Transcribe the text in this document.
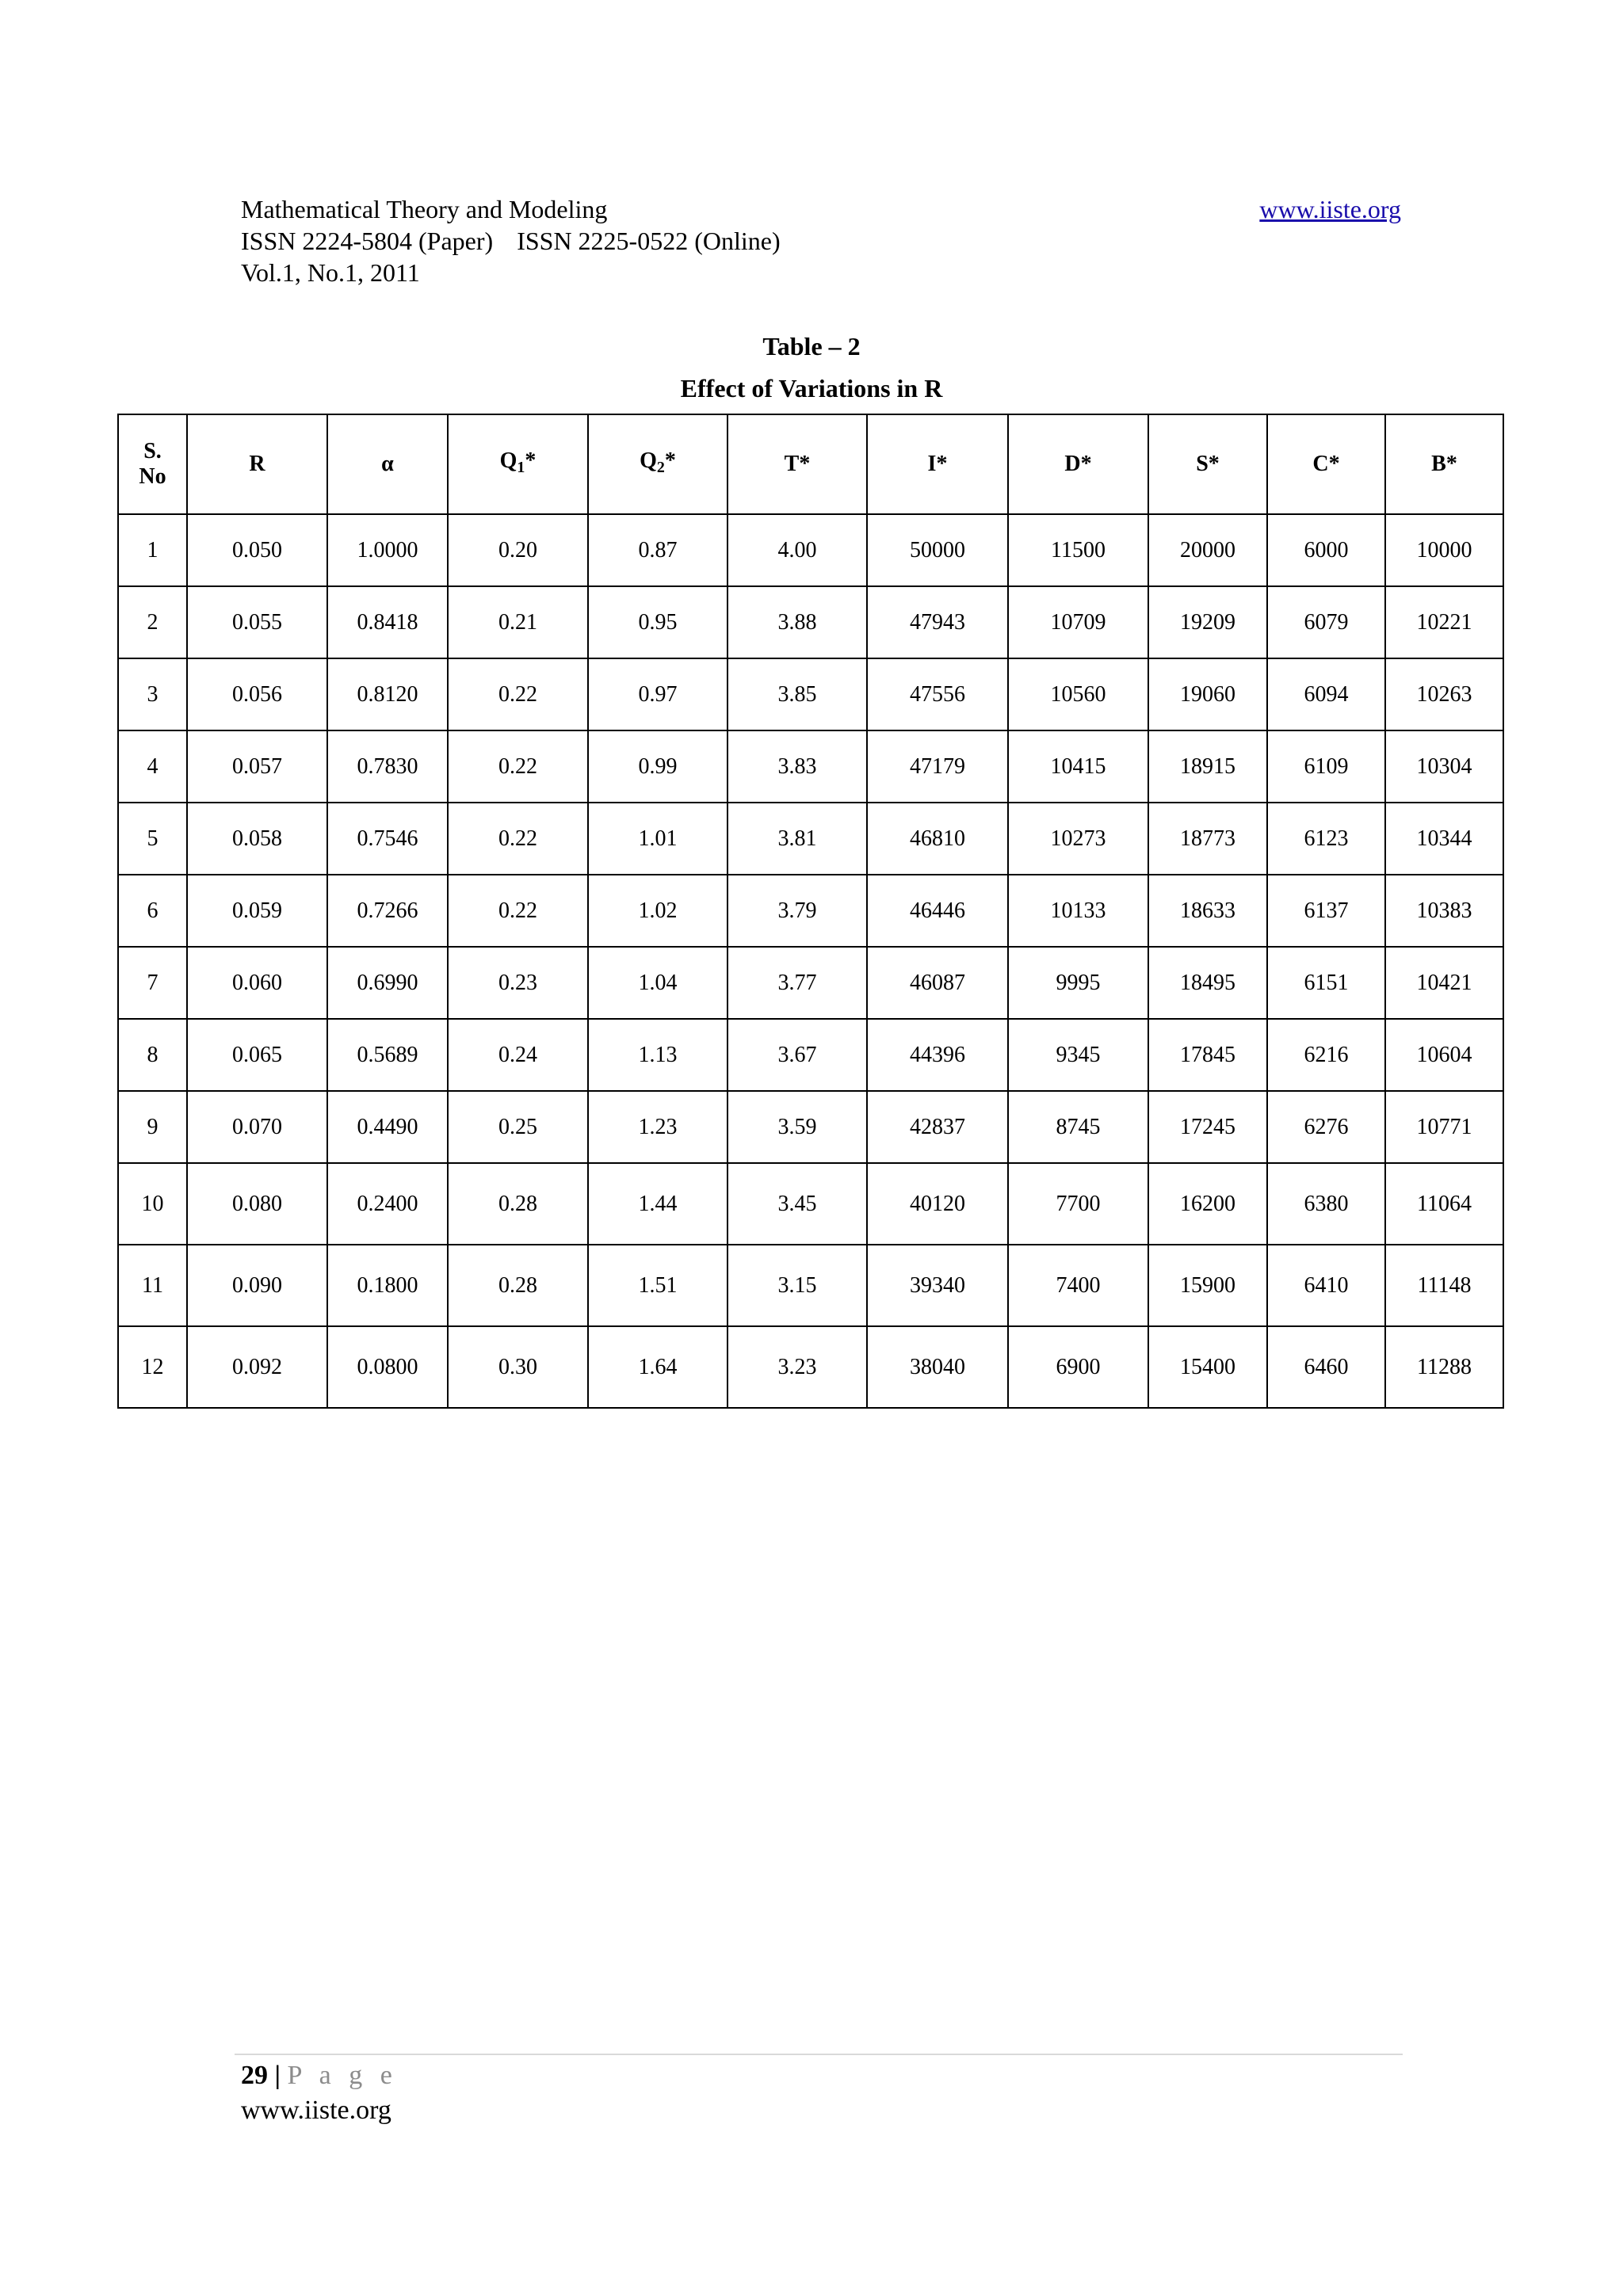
Mathematical Theory and Modeling	www.iiste.org
ISSN 2224-5804 (Paper) ISSN 2225-0522 (Online)
Vol.1, No.1, 2011
Table – 2
Effect of Variations in R
S. No	R	α	$Q_1*$	$Q_2*$	T*	I*	D*	S*	C*	B*
1	0.050	1.0000	0.20	0.87	4.00	50000	11500	20000	6000	10000
2	0.055	0.8418	0.21	0.95	3.88	47943	10709	19209	6079	10221
3	0.056	0.8120	0.22	0.97	3.85	47556	10560	19060	6094	10263
4	0.057	0.7830	0.22	0.99	3.83	47179	10415	18915	6109	10304
5	0.058	0.7546	0.22	1.01	3.81	46810	10273	18773	6123	10344
6	0.059	0.7266	0.22	1.02	3.79	46446	10133	18633	6137	10383
7	0.060	0.6990	0.23	1.04	3.77	46087	9995	18495	6151	10421
8	0.065	0.5689	0.24	1.13	3.67	44396	9345	17845	6216	10604
9	0.070	0.4490	0.25	1.23	3.59	42837	8745	17245	6276	10771
10	0.080	0.2400	0.28	1.44	3.45	40120	7700	16200	6380	11064
11	0.090	0.1800	0.28	1.51	3.15	39340	7400	15900	6410	11148
12	0.092	0.0800	0.30	1.64	3.23	38040	6900	15400	6460	11288
29 | P a g e
www.iiste.org
